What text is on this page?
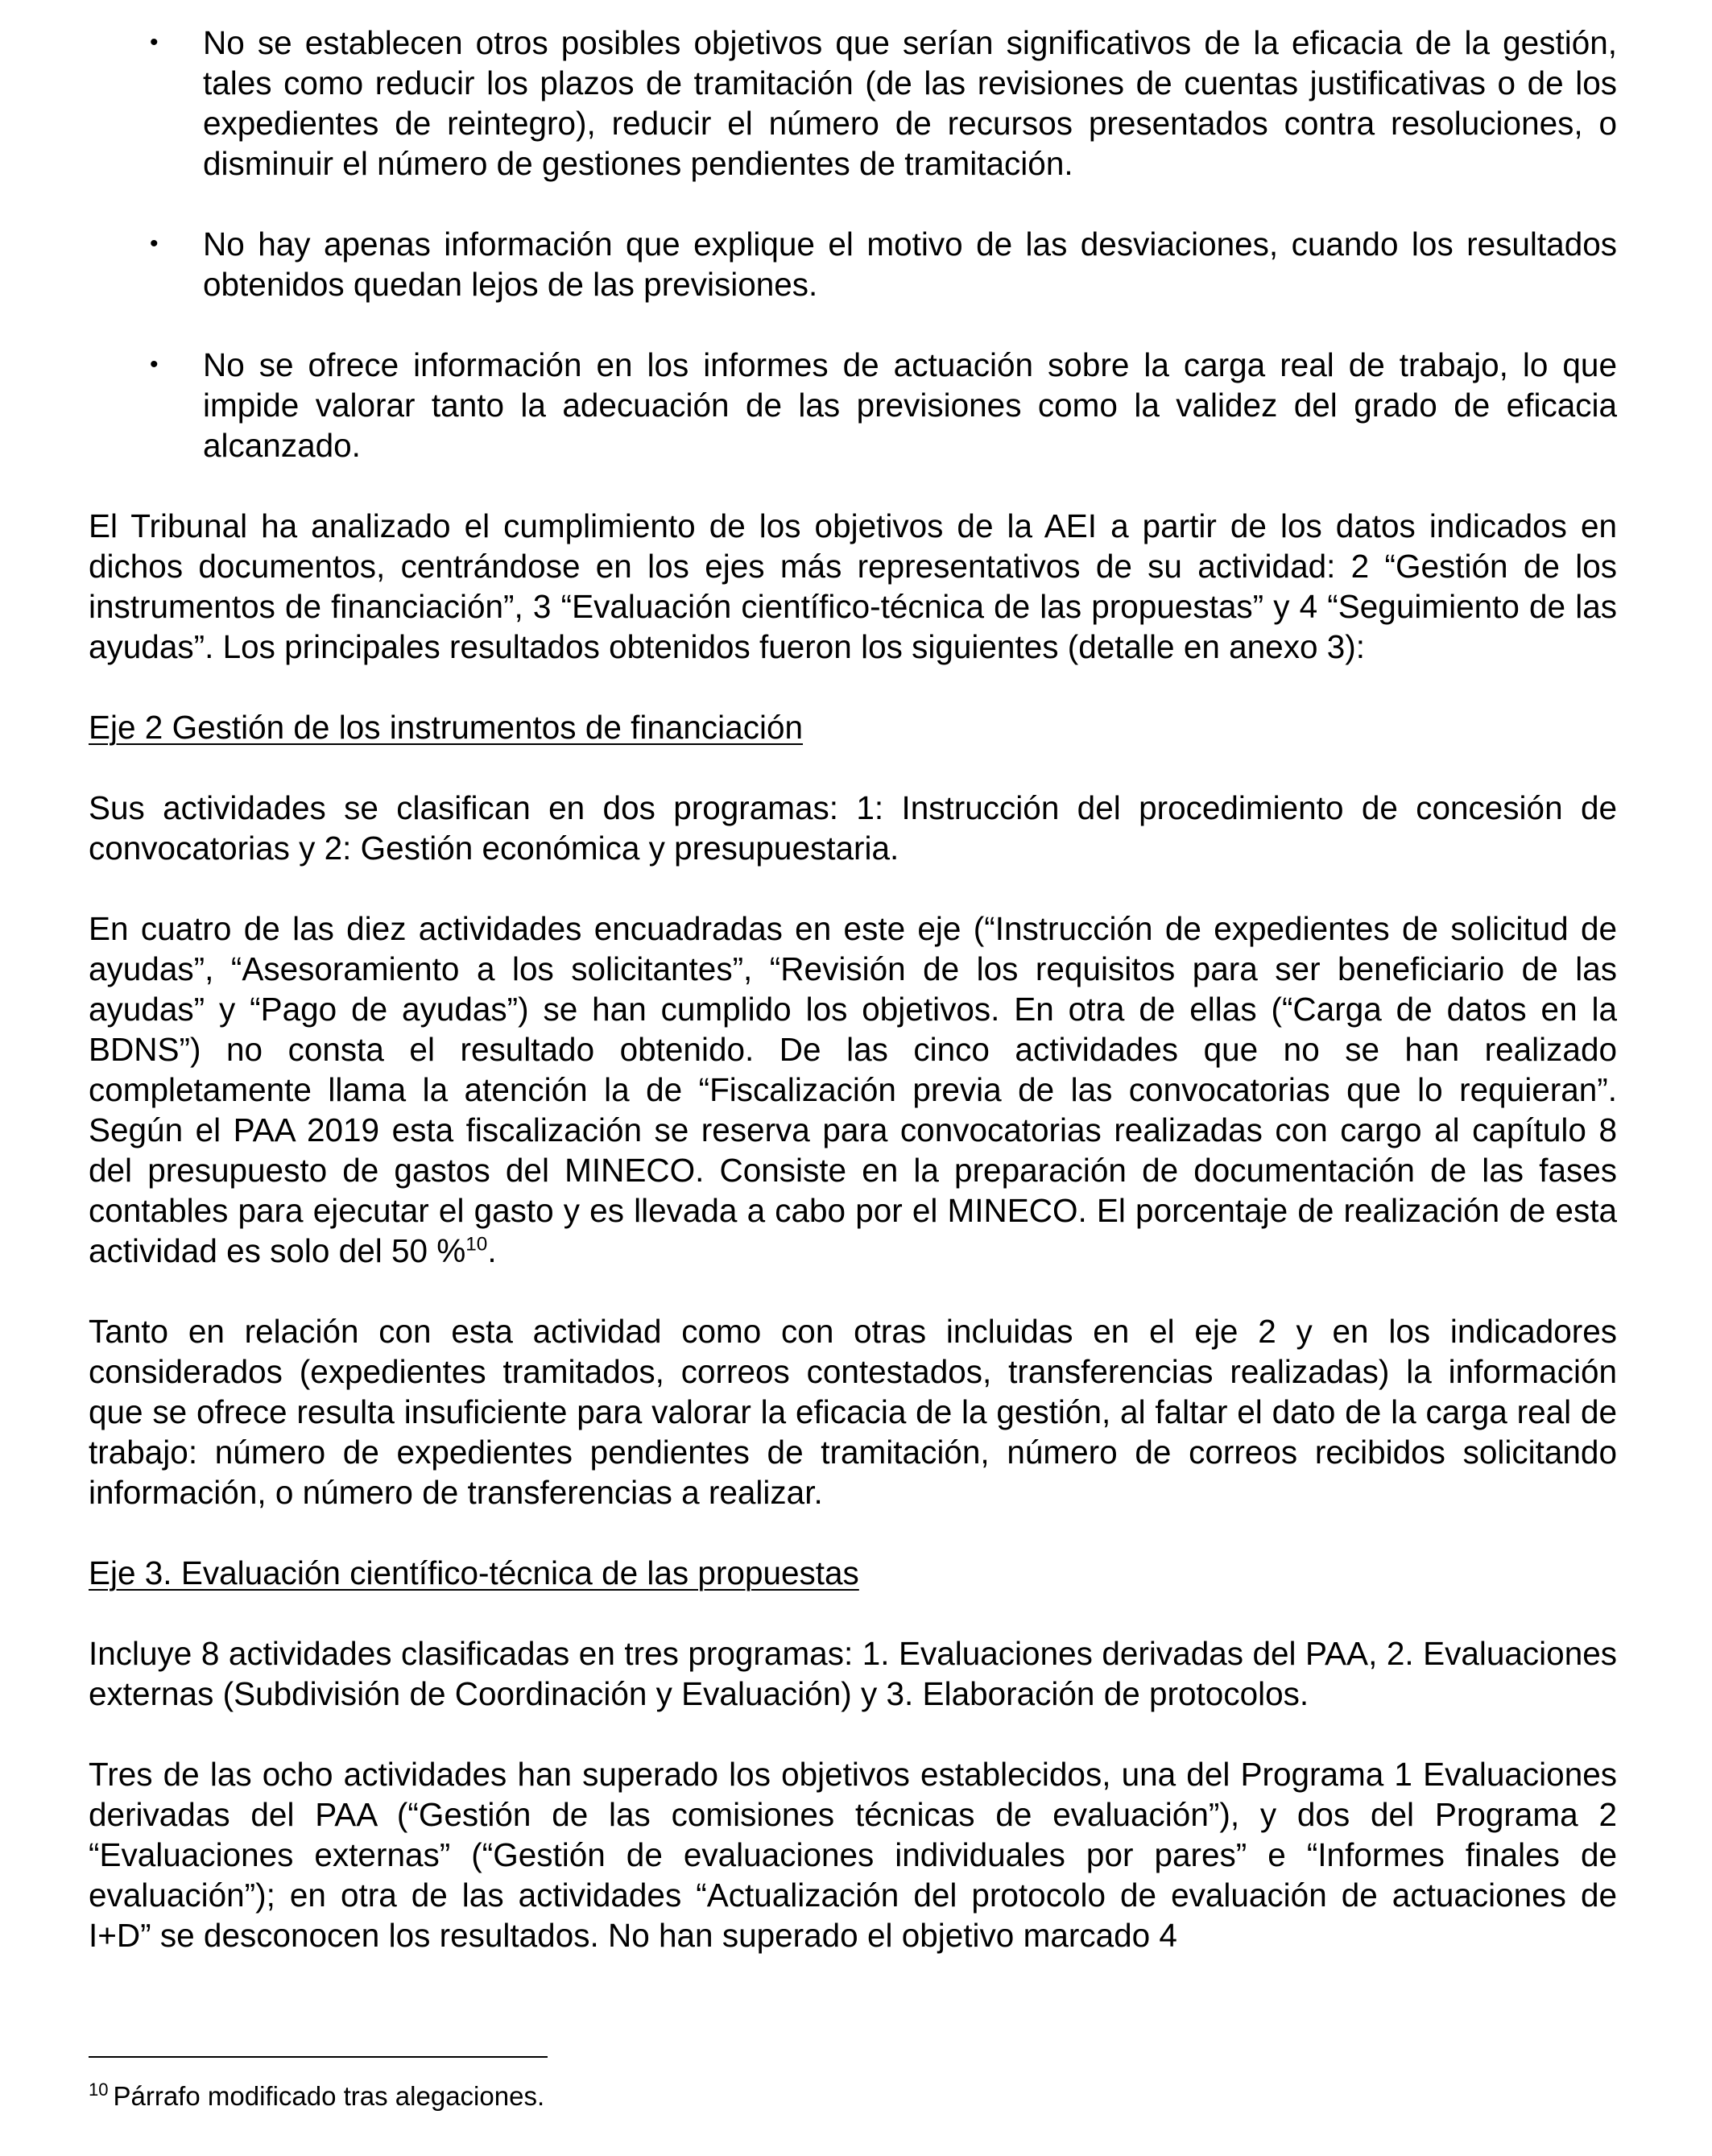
• No se establecen otros posibles objetivos que serían significativos de la eficacia de la gestión, tales como reducir los plazos de tramitación (de las revisiones de cuentas justificativas o de los expedientes de reintegro), reducir el número de recursos presentados contra resoluciones, o disminuir el número de gestiones pendientes de tramitación.
• No hay apenas información que explique el motivo de las desviaciones, cuando los resultados obtenidos quedan lejos de las previsiones.
• No se ofrece información en los informes de actuación sobre la carga real de trabajo, lo que impide valorar tanto la adecuación de las previsiones como la validez del grado de eficacia alcanzado.

El Tribunal ha analizado el cumplimiento de los objetivos de la AEI a partir de los datos indicados en dichos documentos, centrándose en los ejes más representativos de su actividad: 2 “Gestión de los instrumentos de financiación”, 3 “Evaluación científico-técnica de las propuestas” y 4 “Seguimiento de las ayudas”. Los principales resultados obtenidos fueron los siguientes (detalle en anexo 3):

Eje 2 Gestión de los instrumentos de financiación

Sus actividades se clasifican en dos programas: 1: Instrucción del procedimiento de concesión de convocatorias y 2: Gestión económica y presupuestaria.

En cuatro de las diez actividades encuadradas en este eje (“Instrucción de expedientes de solicitud de ayudas”, “Asesoramiento a los solicitantes”, “Revisión de los requisitos para ser beneficiario de las ayudas” y “Pago de ayudas”) se han cumplido los objetivos. En otra de ellas (“Carga de datos en la BDNS”) no consta el resultado obtenido. De las cinco actividades que no se han realizado completamente llama la atención la de “Fiscalización previa de las convocatorias que lo requieran”. Según el PAA 2019 esta fiscalización se reserva para convocatorias realizadas con cargo al capítulo 8 del presupuesto de gastos del MINECO. Consiste en la preparación de documentación de las fases contables para ejecutar el gasto y es llevada a cabo por el MINECO. El porcentaje de realización de esta actividad es solo del 50 %$^{10}$.

Tanto en relación con esta actividad como con otras incluidas en el eje 2 y en los indicadores considerados (expedientes tramitados, correos contestados, transferencias realizadas) la información que se ofrece resulta insuficiente para valorar la eficacia de la gestión, al faltar el dato de la carga real de trabajo: número de expedientes pendientes de tramitación, número de correos recibidos solicitando información, o número de transferencias a realizar.

Eje 3. Evaluación científico-técnica de las propuestas

Incluye 8 actividades clasificadas en tres programas: 1. Evaluaciones derivadas del PAA, 2. Evaluaciones externas (Subdivisión de Coordinación y Evaluación) y 3. Elaboración de protocolos.

Tres de las ocho actividades han superado los objetivos establecidos, una del Programa 1 Evaluaciones derivadas del PAA (“Gestión de las comisiones técnicas de evaluación”), y dos del Programa 2 “Evaluaciones externas” (“Gestión de evaluaciones individuales por pares” e “Informes finales de evaluación”); en otra de las actividades “Actualización del protocolo de evaluación de actuaciones de I+D” se desconocen los resultados. No han superado el objetivo marcado 4

$^{10}$ Párrafo modificado tras alegaciones.
